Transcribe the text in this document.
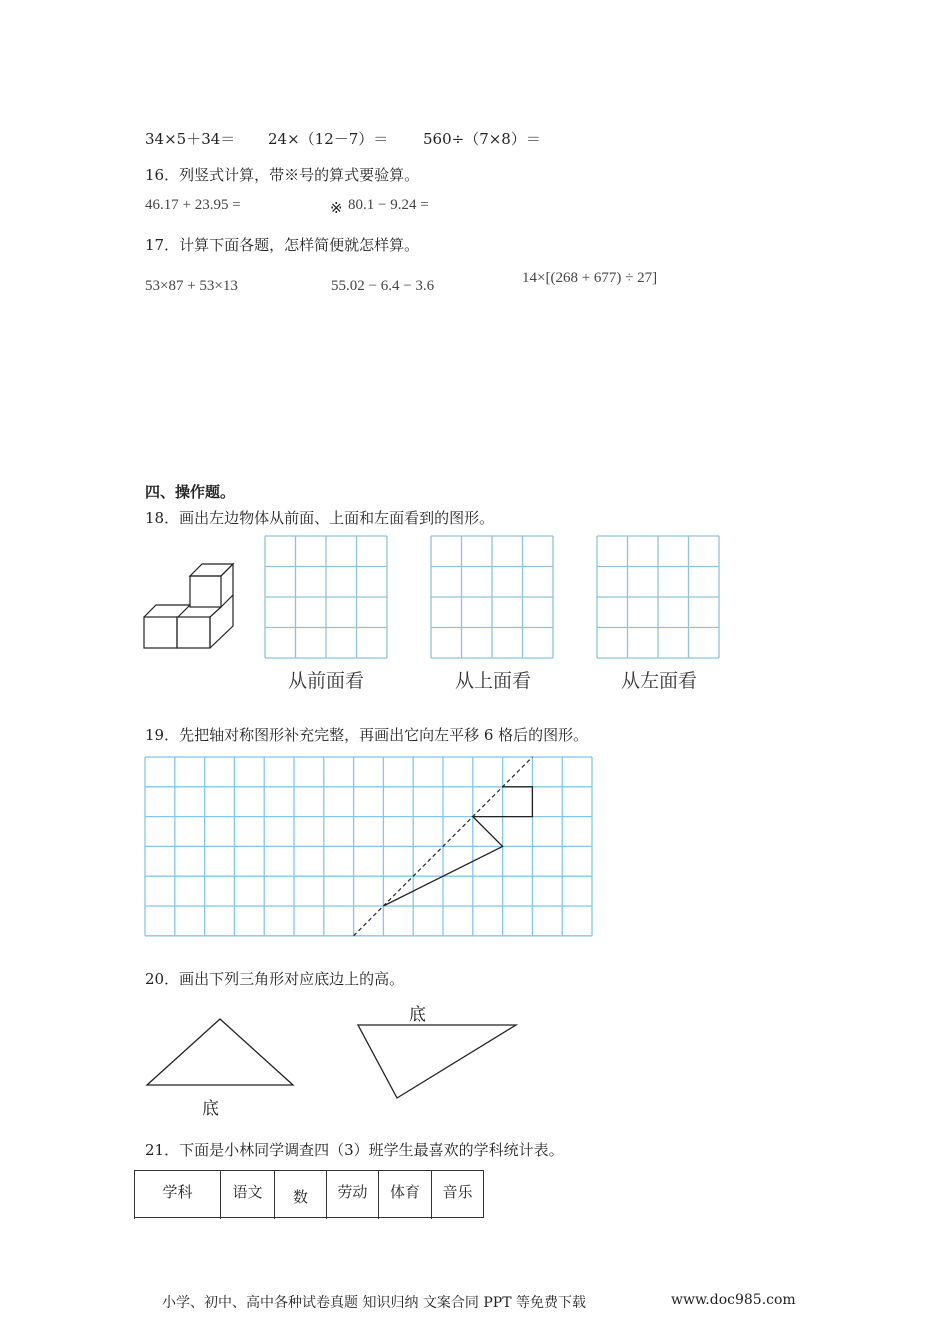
34×5＋34＝ 24×（12－7）＝ 560÷（7×8）＝
16．列竖式计算，带※号的算式要验算。
46.17 + 23.95 =	※ 80.1 − 9.24 =
17．计算下面各题，怎样简便就怎样算。
53×87 + 53×13	55.02 − 6.4 − 3.6	14×[(268 + 677) ÷ 27]
四、操作题。
18．画出左边物体从前面、上面和左面看到的图形。
从前面看	从上面看	从左面看
19．先把轴对称图形补充完整，再画出它向左平移 6 格后的图形。
20．画出下列三角形对应底边上的高。
底
底
21．下面是小林同学调查四（3）班学生最喜欢的学科统计表。
学科	语文	数	劳动	体育	音乐
小学、初中、高中各种试卷真题 知识归纳 文案合同 PPT 等免费下载	www.doc985.com
